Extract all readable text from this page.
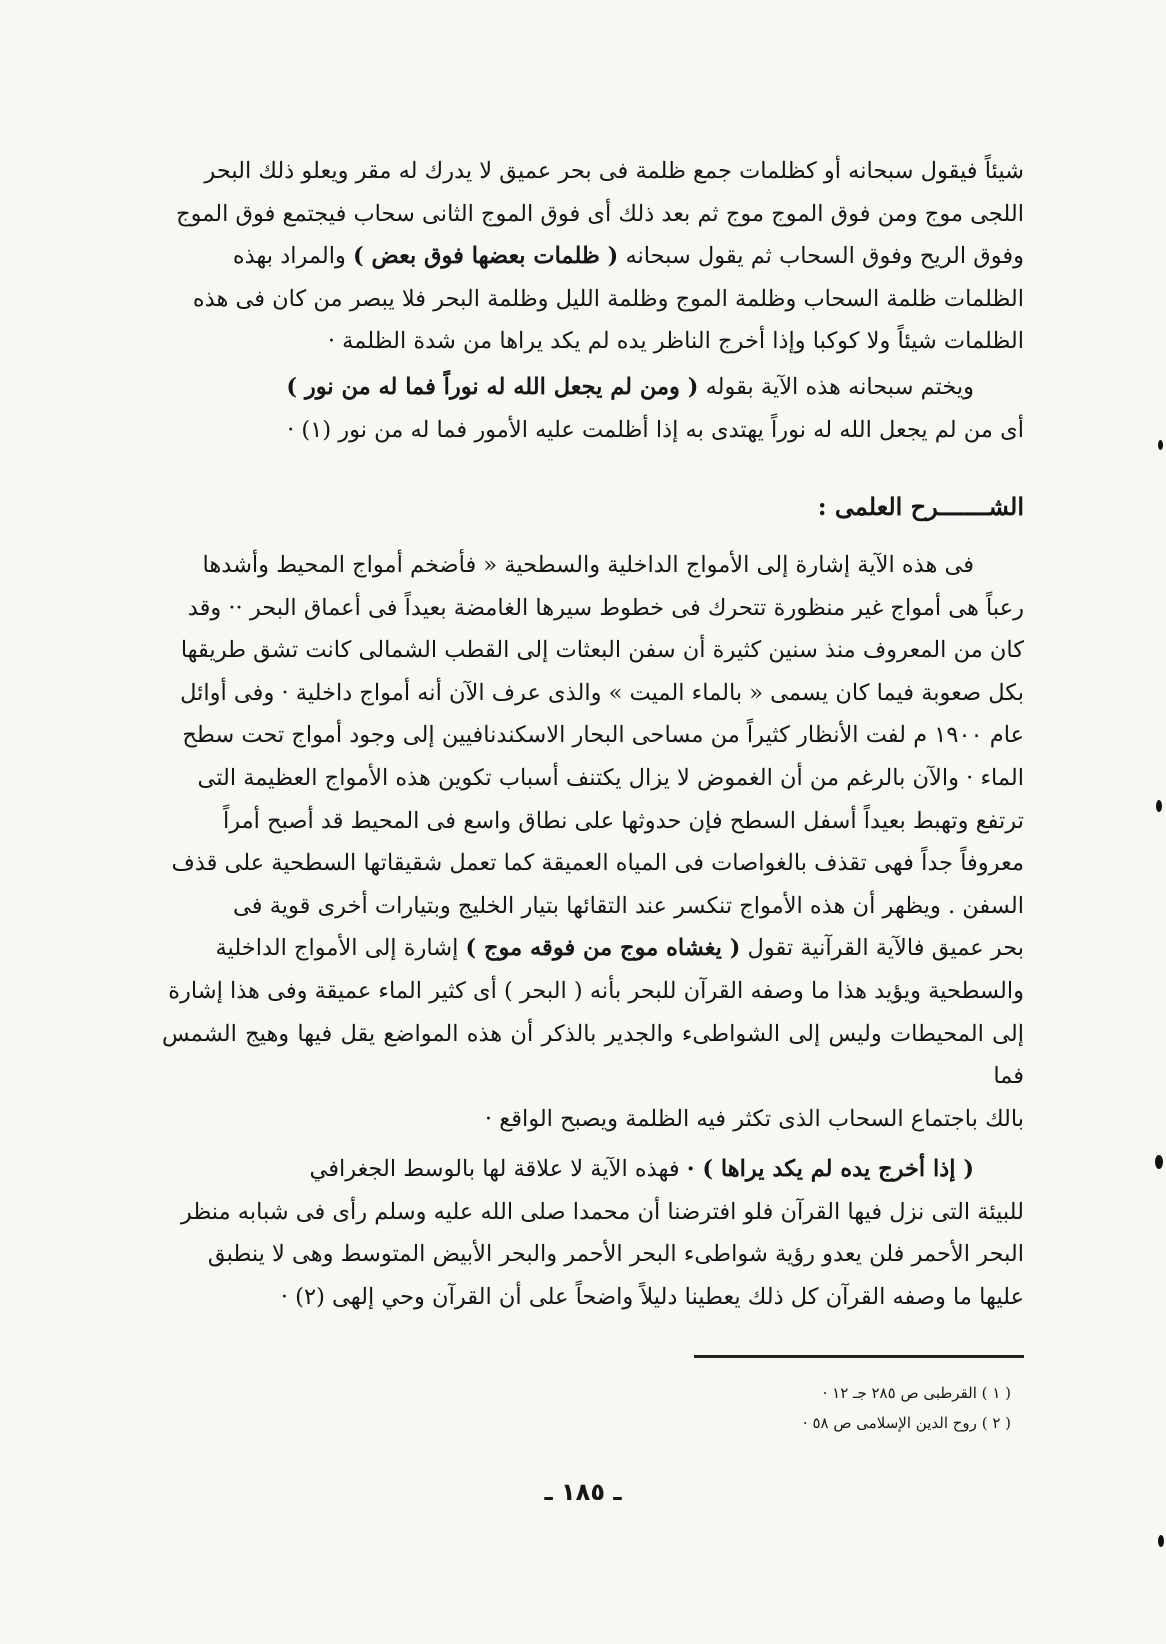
شيئاً فيقول سبحانه أو كظلمات جمع ظلمة فى بحر عميق لا يدرك له مقر ويعلو ذلك البحر
اللجى موج ومن فوق الموج موج ثم بعد ذلك أى فوق الموج الثانى سحاب فيجتمع فوق الموج
وفوق الريح وفوق السحاب ثم يقول سبحانه ( ظلمات بعضها فوق بعض ) والمراد بهذه
الظلمات ظلمة السحاب وظلمة الموج وظلمة الليل وظلمة البحر فلا يبصر من كان فى هذه
الظلمات شيئاً ولا كوكبا وإذا أخرج الناظر يده لم يكد يراها من شدة الظلمة ·
ويختم سبحانه هذه الآية بقوله ( ومن لم يجعل الله له نوراً فما له من نور )
أى من لم يجعل الله له نوراً يهتدى به إذا أظلمت عليه الأمور فما له من نور (١) ·
الشـــــــرح العلمى :
فى هذه الآية إشارة إلى الأمواج الداخلية والسطحية « فأضخم أمواج المحيط وأشدها
رعباً هى أمواج غير منظورة تتحرك فى خطوط سيرها الغامضة بعيداً فى أعماق البحر ·· وقد
كان من المعروف منذ سنين كثيرة أن سفن البعثات إلى القطب الشمالى كانت تشق طريقها
بكل صعوبة فيما كان يسمى « بالماء الميت » والذى عرف الآن أنه أمواج داخلية · وفى أوائل
عام ١٩٠٠ م لفت الأنظار كثيراً من مساحى البحار الاسكندنافيين إلى وجود أمواج تحت سطح
الماء · والآن بالرغم من أن الغموض لا يزال يكتنف أسباب تكوين هذه الأمواج العظيمة التى
ترتفع وتهبط بعيداً أسفل السطح فإن حدوثها على نطاق واسع فى المحيط قد أصبح أمراً
معروفاً جداً فهى تقذف بالغواصات فى المياه العميقة كما تعمل شقيقاتها السطحية على قذف
السفن . ويظهر أن هذه الأمواج تنكسر عند التقائها بتيار الخليج وبتيارات أخرى قوية فى
بحر عميق فالآية القرآنية تقول ( يغشاه موج من فوقه موج ) إشارة إلى الأمواج الداخلية
والسطحية ويؤيد هذا ما وصفه القرآن للبحر بأنه ( البحر ) أى كثير الماء عميقة وفى هذا إشارة
إلى المحيطات وليس إلى الشواطىء والجدير بالذكر أن هذه المواضع يقل فيها وهيج الشمس فما
بالك باجتماع السحاب الذى تكثر فيه الظلمة ويصبح الواقع ·
( إذا أخرج يده لم يكد يراها ) · فهذه الآية لا علاقة لها بالوسط الجغرافي
للبيئة التى نزل فيها القرآن فلو افترضنا أن محمدا صلى الله عليه وسلم رأى فى شبابه منظر
البحر الأحمر فلن يعدو رؤية شواطىء البحر الأحمر والبحر الأبيض المتوسط وهى لا ينطبق
عليها ما وصفه القرآن كل ذلك يعطينا دليلاً واضحاً على أن القرآن وحي إلهى (٢) ·
( ١ ) القرطبى ص ٢٨٥ جـ ١٢ ·
( ٢ ) روح الدين الإسلامى ص ٥٨ ·
ـ ١٨٥ ـ
